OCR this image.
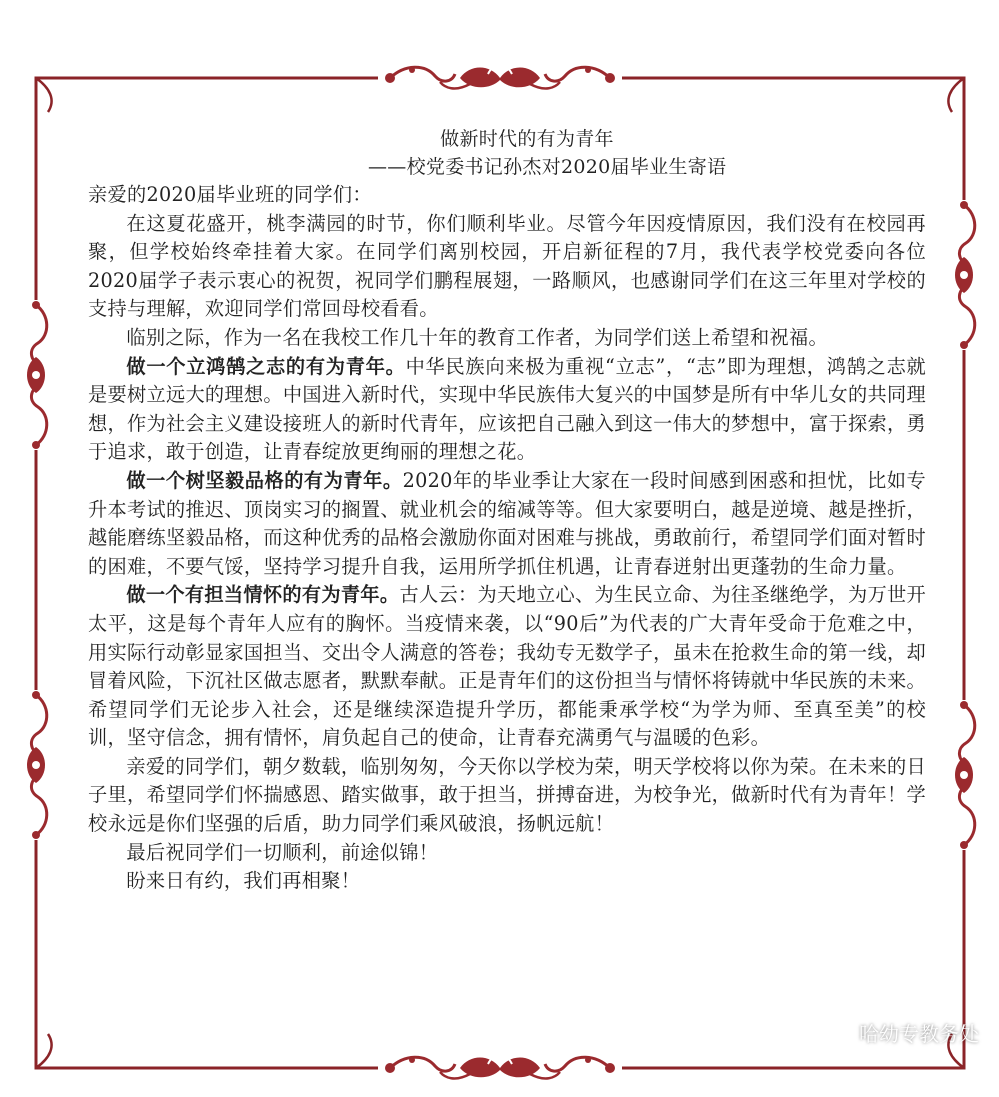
做新时代的有为青年

——校党委书记孙杰对2020届毕业生寄语

亲爱的2020届毕业班的同学们：

在这夏花盛开，桃李满园的时节，你们顺利毕业。尽管今年因疫情原因，我们没有在校园再聚，但学校始终牵挂着大家。在同学们离别校园，开启新征程的7月，我代表学校党委向各位2020届学子表示衷心的祝贺，祝同学们鹏程展翅，一路顺风，也感谢同学们在这三年里对学校的支持与理解，欢迎同学们常回母校看看。

临别之际，作为一名在我校工作几十年的教育工作者，为同学们送上希望和祝福。

做一个立鸿鹄之志的有为青年。中华民族向来极为重视“立志”，“志”即为理想，鸿鹄之志就是要树立远大的理想。中国进入新时代，实现中华民族伟大复兴的中国梦是所有中华儿女的共同理想，作为社会主义建设接班人的新时代青年，应该把自己融入到这一伟大的梦想中，富于探索，勇于追求，敢于创造，让青春绽放更绚丽的理想之花。

做一个树坚毅品格的有为青年。2020年的毕业季让大家在一段时间感到困惑和担忧，比如专升本考试的推迟、顶岗实习的搁置、就业机会的缩减等等。但大家要明白，越是逆境、越是挫折，越能磨练坚毅品格，而这种优秀的品格会激励你面对困难与挑战，勇敢前行，希望同学们面对暂时的困难，不要气馁，坚持学习提升自我，运用所学抓住机遇，让青春迸射出更蓬勃的生命力量。

做一个有担当情怀的有为青年。古人云：为天地立心、为生民立命、为往圣继绝学，为万世开太平，这是每个青年人应有的胸怀。当疫情来袭，以“90后”为代表的广大青年受命于危难之中，用实际行动彰显家国担当、交出令人满意的答卷；我幼专无数学子，虽未在抢救生命的第一线，却冒着风险，下沉社区做志愿者，默默奉献。正是青年们的这份担当与情怀将铸就中华民族的未来。希望同学们无论步入社会，还是继续深造提升学历，都能秉承学校“为学为师、至真至美”的校训，坚守信念，拥有情怀，肩负起自己的使命，让青春充满勇气与温暖的色彩。

亲爱的同学们，朝夕数载，临别匆匆，今天你以学校为荣，明天学校将以你为荣。在未来的日子里，希望同学们怀揣感恩、踏实做事，敢于担当，拼搏奋进，为校争光，做新时代有为青年！学校永远是你们坚强的后盾，助力同学们乘风破浪，扬帆远航！

最后祝同学们一切顺利，前途似锦！

盼来日有约，我们再相聚！

哈幼专教务处
